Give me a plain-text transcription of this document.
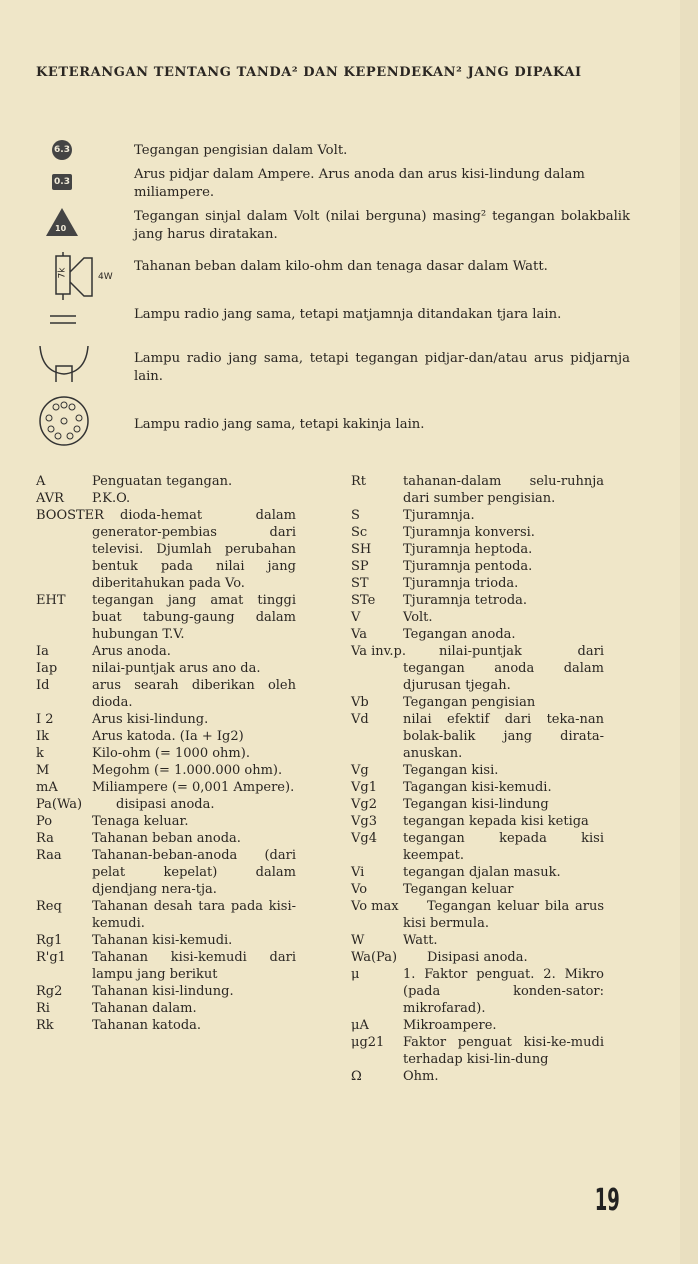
KETERANGAN TENTANG TANDA² DAN KEPENDEKAN² JANG DIPAKAI
6.3	Tegangan pengisian dalam Volt.
0.3	Arus pidjar dalam Ampere. Arus anoda dan arus kisi-lindung dalam miliampere.
10
Tegangan sinjal dalam Volt (nilai berguna) masing² tegangan bolakbalik jang harus diratakan.
7k	4W
Tahanan beban dalam kilo-ohm dan tenaga dasar dalam Watt.
Lampu radio jang sama, tetapi matjamnja ditandakan tjara lain.
Lampu radio jang sama, tetapi tegangan pidjar-dan/atau arus pidjarnja lain.
Lampu radio jang sama, tetapi kakinja lain.
A	Penguatan tegangan.
AVR P.K.O.
BOOSTER	dioda-hemat dalam generator-pembias dari televisi. Djumlah perubahan bentuk pada nilai jang diberitahukan pada Vo.
EHT tegangan jang amat tinggi buat tabung-gaung dalam hubungan T.V.
Ia	Arus anoda.
Iap	nilai-puntjak arus ano da.
Id	arus searah diberikan oleh dioda.
I 2	Arus kisi-lindung.
Ik	Arus katoda. (Ia + Ig2)
k	Kilo-ohm (= 1000 ohm).
M	Megohm (= 1.000.000 ohm).
mA	Miliampere (= 0,001 Ampere).
Pa(Wa)	disipasi anoda.
Po	Tenaga keluar.
Ra	Tahanan beban anoda.
Raa Tahanan-beban-anoda (dari pelat kepelat) dalam djendjang nera-tja.
Req Tahanan desah tara pada kisi-kemudi.
Rg1 Tahanan kisi-kemudi.
R'g1 Tahanan kisi-kemudi dari lampu jang berikut
Rg2 Tahanan kisi-lindung.
Ri	Tahanan dalam.
Rk	Tahanan katoda.
Rt	tahanan-dalam selu-ruhnja dari sumber pengisian.
S	Tjuramnja.
Sc	Tjuramnja konversi.
SH Tjuramnja heptoda.
SP	Tjuramnja pentoda.
ST	Tjuramnja trioda.
STe Tjuramnja tetroda.
V	Volt.
Va	Tegangan anoda.
Va inv.p.	nilai-puntjak dari tegangan anoda dalam djurusan tjegah.
Vb	Tegangan pengisian
Vd	nilai efektif dari teka-nan bolak-balik jang dirata-anuskan.
Vg	Tegangan kisi.
Vg1 Tagangan kisi-kemudi.
Vg2 Tegangan kisi-lindung
Vg3 tegangan kepada kisi ketiga
Vg4 tegangan kepada kisi keempat.
Vi	tegangan djalan masuk.
Vo	Tegangan keluar
Vo max	Tegangan keluar bila arus kisi bermula.
W	Watt.
Wa(Pa)	Disipasi anoda.
μ	1. Faktor penguat. 2. Mikro (pada konden-sator: mikrofarad).
μA	Mikroampere.
μg21 Faktor penguat kisi-ke-mudi terhadap kisi-lin-dung
Ω	Ohm.
19
